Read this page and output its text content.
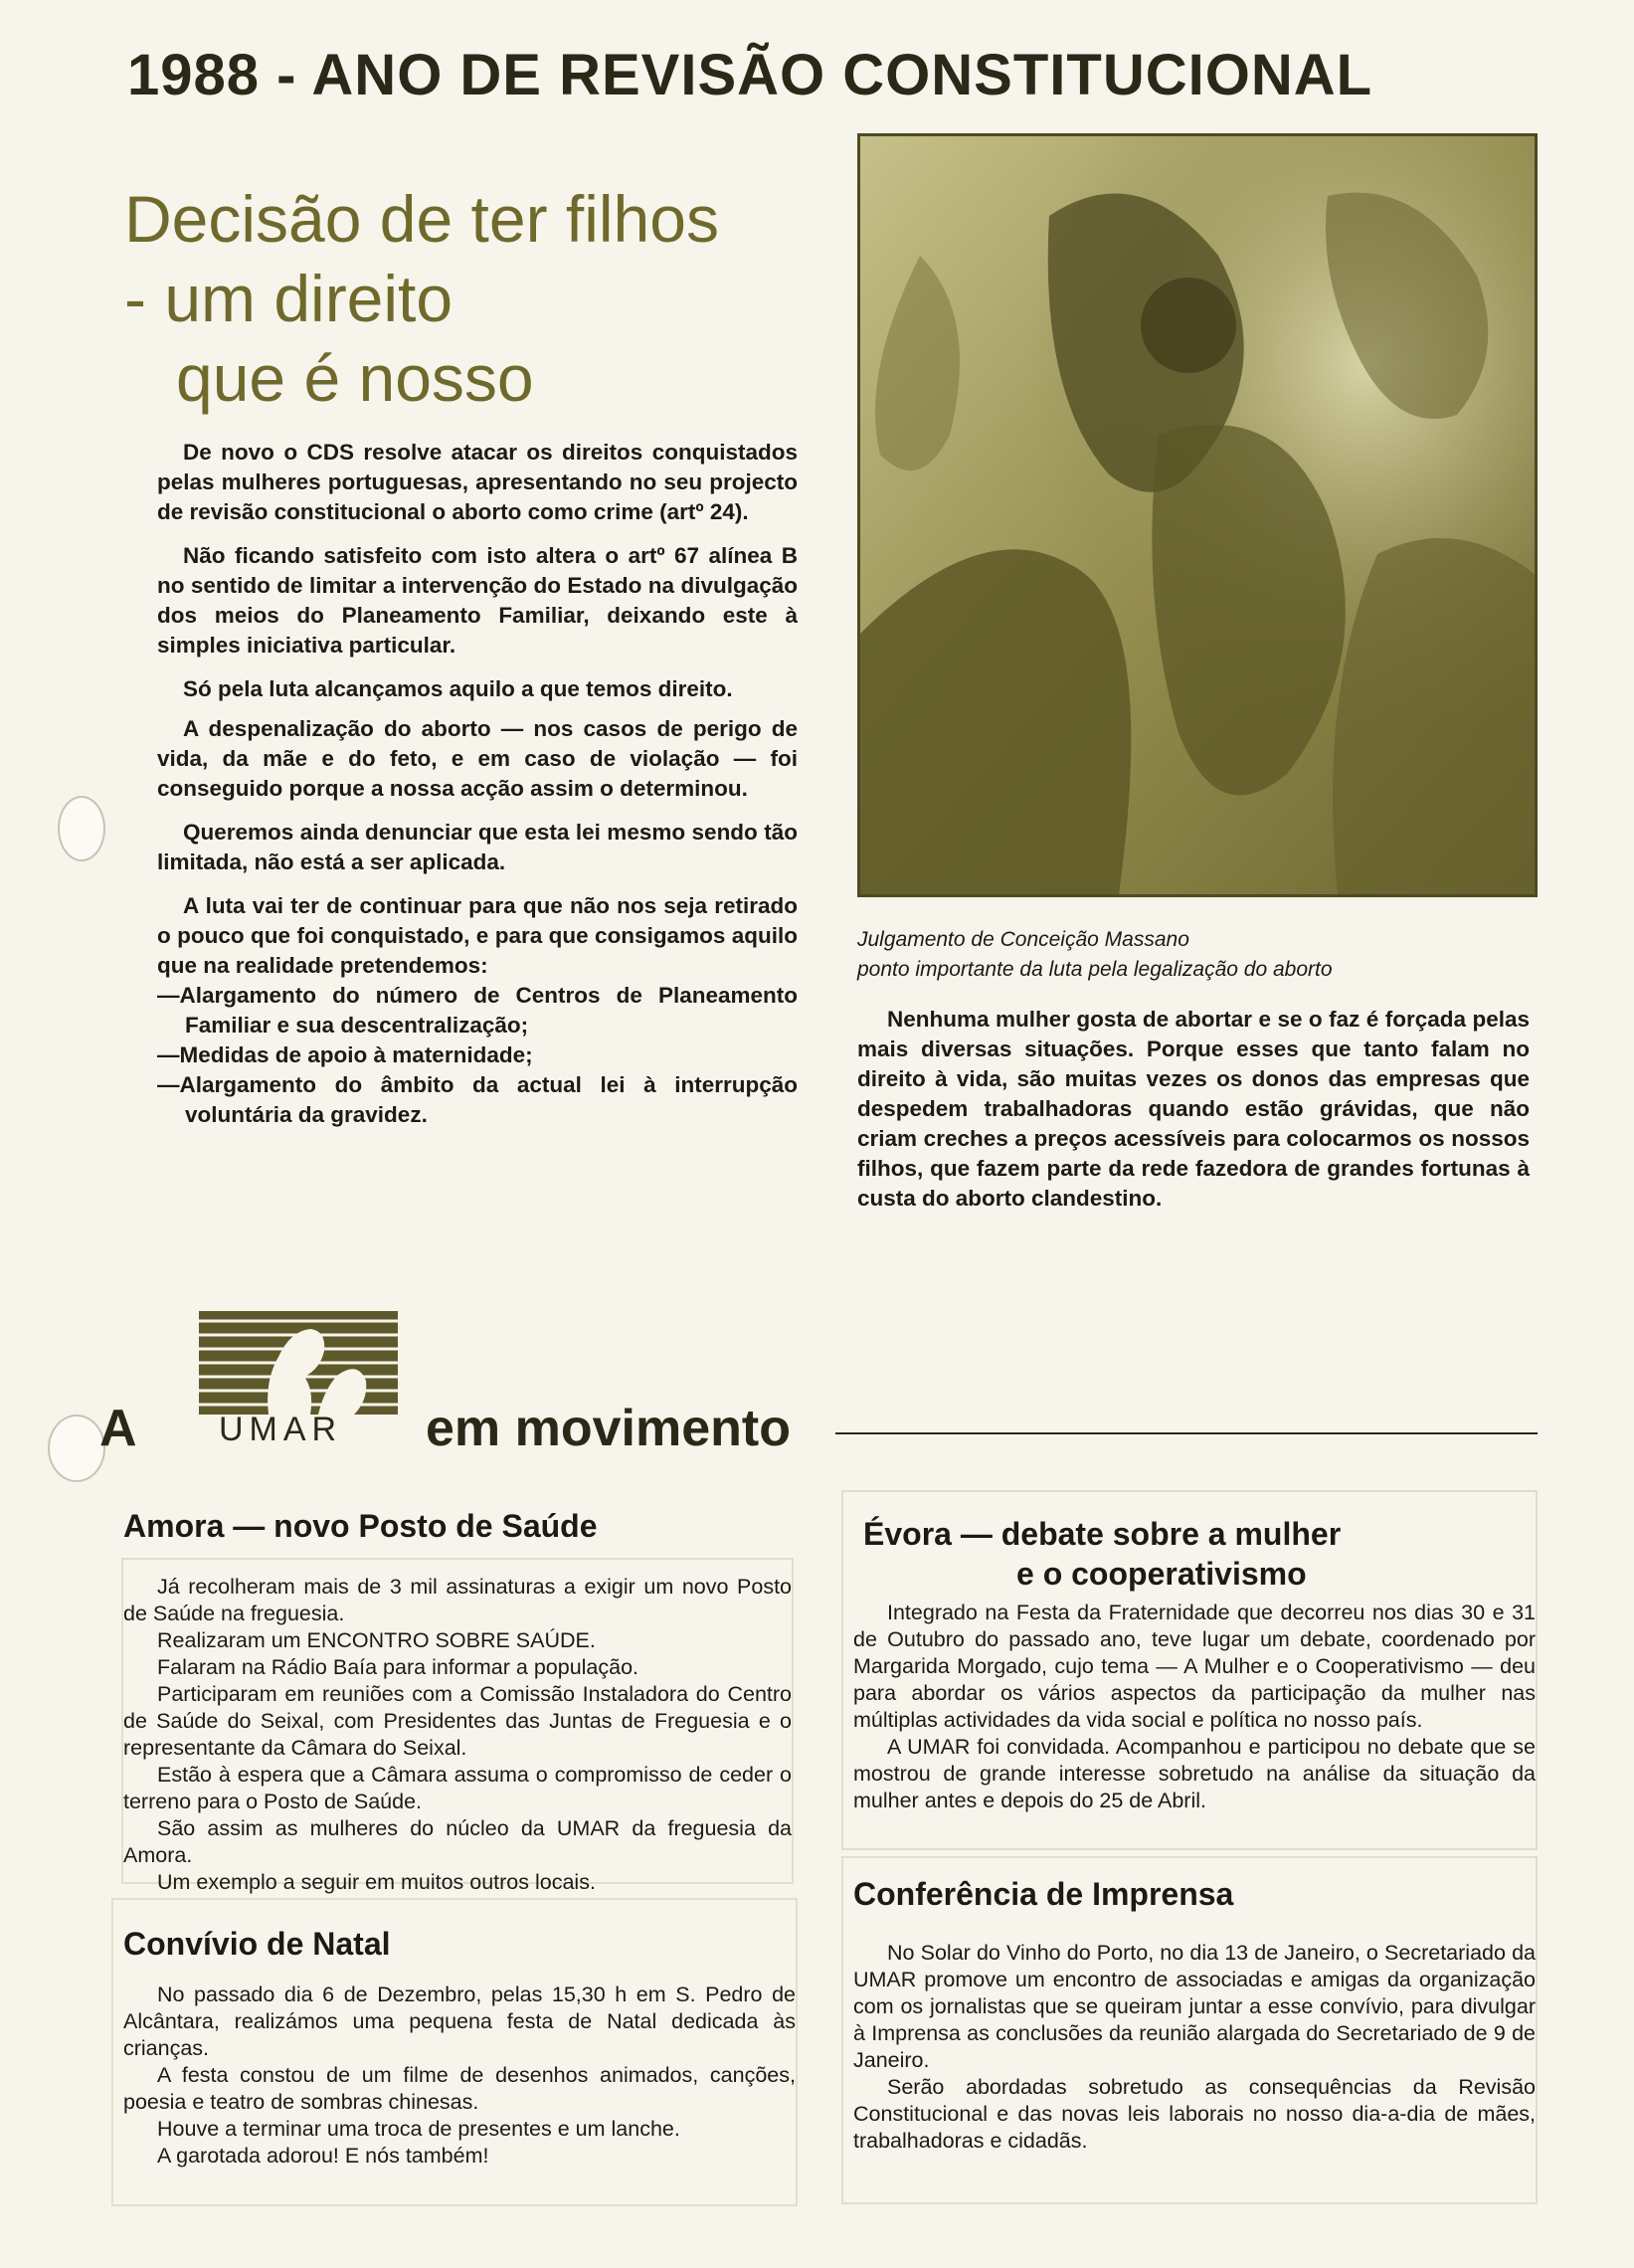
1988 - ANO DE REVISÃO CONSTITUCIONAL
Decisão de ter filhos
- um direito
que é nosso

De novo o CDS resolve atacar os direitos conquistados pelas mulheres portuguesas, apresentando no seu projecto de revisão constitucional o aborto como crime (artº 24).

Não ficando satisfeito com isto altera o artº 67 alínea B no sentido de limitar a intervenção do Estado na divulgação dos meios do Planeamento Familiar, deixando este à simples iniciativa particular.

Só pela luta alcançamos aquilo a que temos direito.

A despenalização do aborto — nos casos de perigo de vida, da mãe e do feto, e em caso de violação — foi conseguido porque a nossa acção assim o determinou.

Queremos ainda denunciar que esta lei mesmo sendo tão limitada, não está a ser aplicada.

A luta vai ter de continuar para que não nos seja retirado o pouco que foi conquistado, e para que consigamos aquilo que na realidade pretendemos:

—Alargamento do número de Centros de Planeamento Familiar e sua descentralização;
—Medidas de apoio à maternidade;
—Alargamento do âmbito da actual lei à interrupção voluntária da gravidez.
Julgamento de Conceição Massano
ponto importante da luta pela legalização do aborto

Nenhuma mulher gosta de abortar e se o faz é forçada pelas mais diversas situações. Porque esses que tanto falam no direito à vida, são muitas vezes os donos das empresas que despedem trabalhadoras quando estão grávidas, que não criam creches a preços acessíveis para colocarmos os nossos filhos, que fazem parte da rede fazedora de grandes fortunas à custa do aborto clandestino.

A UMAR em movimento
Amora — novo Posto de Saúde

Já recolheram mais de 3 mil assinaturas a exigir um novo Posto de Saúde na freguesia.

Realizaram um ENCONTRO SOBRE SAÚDE.

Falaram na Rádio Baía para informar a população.

Participaram em reuniões com a Comissão Instaladora do Centro de Saúde do Seixal, com Presidentes das Juntas de Freguesia e o representante da Câmara do Seixal.

Estão à espera que a Câmara assuma o compromisso de ceder o terreno para o Posto de Saúde.

São assim as mulheres do núcleo da UMAR da freguesia da Amora.

Um exemplo a seguir em muitos outros locais.

Convívio de Natal

No passado dia 6 de Dezembro, pelas 15,30 h em S. Pedro de Alcântara, realizámos uma pequena festa de Natal dedicada às crianças.

A festa constou de um filme de desenhos animados, canções, poesia e teatro de sombras chinesas.

Houve a terminar uma troca de presentes e um lanche.

A garotada adorou! E nós também!

Évora — debate sobre a mulher
e o cooperativismo

Integrado na Festa da Fraternidade que decorreu nos dias 30 e 31 de Outubro do passado ano, teve lugar um debate, coordenado por Margarida Morgado, cujo tema — A Mulher e o Cooperativismo — deu para abordar os vários aspectos da participação da mulher nas múltiplas actividades da vida social e política no nosso país.

A UMAR foi convidada. Acompanhou e participou no debate que se mostrou de grande interesse sobretudo na análise da situação da mulher antes e depois do 25 de Abril.

Conferência de Imprensa

No Solar do Vinho do Porto, no dia 13 de Janeiro, o Secretariado da UMAR promove um encontro de associadas e amigas da organização com os jornalistas que se queiram juntar a esse convívio, para divulgar à Imprensa as conclusões da reunião alargada do Secretariado de 9 de Janeiro.

Serão abordadas sobretudo as consequências da Revisão Constitucional e das novas leis laborais no nosso dia-a-dia de mães, trabalhadoras e cidadãs.
